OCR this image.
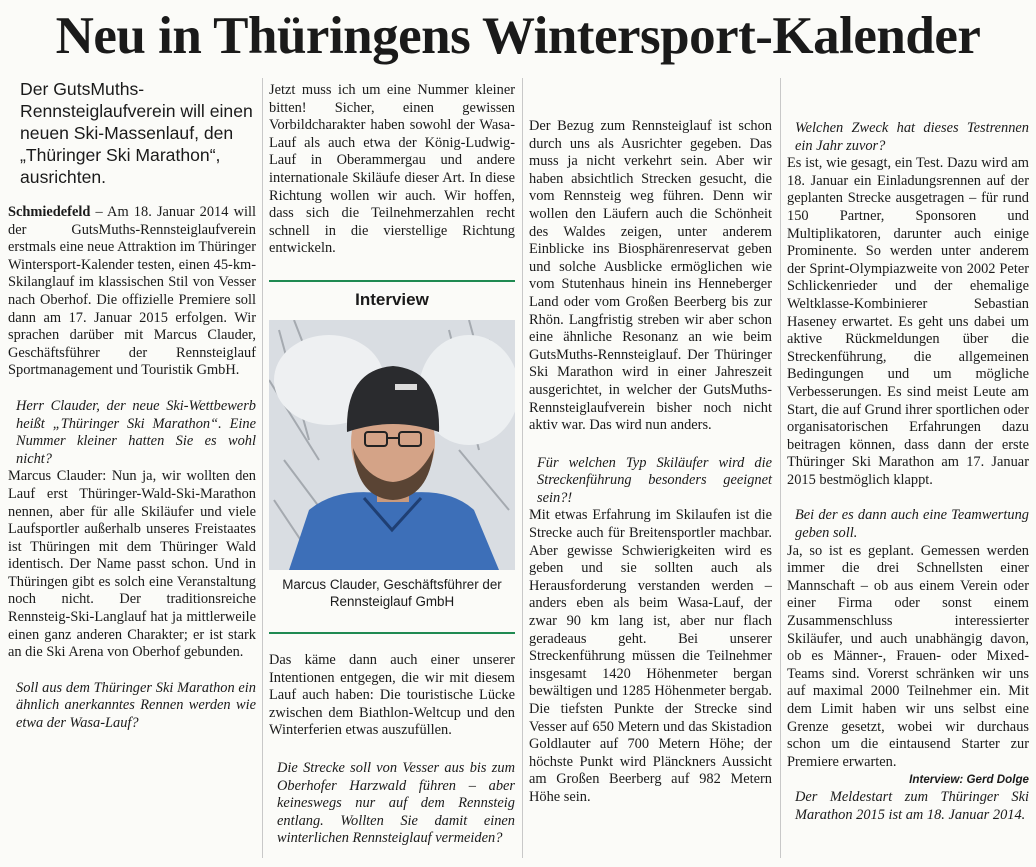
Neu in Thüringens Wintersport-Kalender

Der GutsMuths-Rennsteiglaufverein will einen neuen Ski-Massenlauf, den „Thüringer Ski Marathon“, ausrichten.

Schmiedefeld – Am 18. Januar 2014 will der GutsMuths-Rennsteiglaufverein erstmals eine neue Attraktion im Thüringer Wintersport-Kalender testen, einen 45-km-Skilanglauf im klassischen Stil von Vesser nach Oberhof. Die offizielle Premiere soll dann am 17. Januar 2015 erfolgen. Wir sprachen darüber mit Marcus Clauder, Geschäftsführer der Rennsteiglauf Sportmanagement und Touristik GmbH.

Herr Clauder, der neue Ski-Wettbewerb heißt „Thüringer Ski Marathon“. Eine Nummer kleiner hatten Sie es wohl nicht?

Marcus Clauder: Nun ja, wir wollten den Lauf erst Thüringer-Wald-Ski-Marathon nennen, aber für alle Skiläufer und viele Laufsportler außerhalb unseres Freistaates ist Thüringen mit dem Thüringer Wald identisch. Der Name passt schon. Und in Thüringen gibt es solch eine Veranstaltung noch nicht. Der traditionsreiche Rennsteig-Ski-Langlauf hat ja mittlerweile einen ganz anderen Charakter; er ist stark an die Ski Arena von Oberhof gebunden.

Soll aus dem Thüringer Ski Marathon ein ähnlich anerkanntes Rennen werden wie etwa der Wasa-Lauf?

Jetzt muss ich um eine Nummer kleiner bitten! Sicher, einen gewissen Vorbildcharakter haben sowohl der Wasa-Lauf als auch etwa der König-Ludwig-Lauf in Oberammergau und andere internationale Skiläufe dieser Art. In diese Richtung wollen wir auch. Wir hoffen, dass sich die Teilnehmerzahlen recht schnell in die vierstellige Richtung entwickeln.

Interview
Marcus Clauder, Geschäftsführer der Rennsteiglauf GmbH

Das käme dann auch einer unserer Intentionen entgegen, die wir mit diesem Lauf auch haben: Die touristische Lücke zwischen dem Biathlon-Weltcup und den Winterferien etwas auszufüllen.

Die Strecke soll von Vesser aus bis zum Oberhofer Harzwald führen – aber keineswegs nur auf dem Rennsteig entlang. Wollten Sie damit einen winterlichen Rennsteiglauf vermeiden?

Der Bezug zum Rennsteiglauf ist schon durch uns als Ausrichter gegeben. Das muss ja nicht verkehrt sein. Aber wir haben absichtlich Strecken gesucht, die vom Rennsteig weg führen. Denn wir wollen den Läufern auch die Schönheit des Waldes zeigen, unter anderem Einblicke ins Biosphärenreservat geben und solche Ausblicke ermöglichen wie vom Stutenhaus hinein ins Henneberger Land oder vom Großen Beerberg bis zur Rhön. Langfristig streben wir aber schon eine ähnliche Resonanz an wie beim GutsMuths-Rennsteiglauf. Der Thüringer Ski Marathon wird in einer Jahreszeit ausgerichtet, in welcher der GutsMuths-Rennsteiglaufverein bisher noch nicht aktiv war. Das wird nun anders.

Für welchen Typ Skiläufer wird die Streckenführung besonders geeignet sein?!

Mit etwas Erfahrung im Skilaufen ist die Strecke auch für Breitensportler machbar. Aber gewisse Schwierigkeiten wird es geben und sie sollten auch als Herausforderung verstanden werden – anders eben als beim Wasa-Lauf, der zwar 90 km lang ist, aber nur flach geradeaus geht. Bei unserer Streckenführung müssen die Teilnehmer insgesamt 1420 Höhenmeter bergan bewältigen und 1285 Höhenmeter bergab. Die tiefsten Punkte der Strecke sind Vesser auf 650 Metern und das Skistadion Goldlauter auf 700 Metern Höhe; der höchste Punkt wird Plänckners Aussicht am Großen Beerberg auf 982 Metern Höhe sein.

Welchen Zweck hat dieses Testrennen ein Jahr zuvor?

Es ist, wie gesagt, ein Test. Dazu wird am 18. Januar ein Einladungsrennen auf der geplanten Strecke ausgetragen – für rund 150 Partner, Sponsoren und Multiplikatoren, darunter auch einige Prominente. So werden unter anderem der Sprint-Olympiazweite von 2002 Peter Schlickenrieder und der ehemalige Weltklasse-Kombinierer Sebastian Haseney erwartet. Es geht uns dabei um aktive Rückmeldungen über die Streckenführung, die allgemeinen Bedingungen und um mögliche Verbesserungen. Es sind meist Leute am Start, die auf Grund ihrer sportlichen oder organisatorischen Erfahrungen dazu beitragen können, dass dann der erste Thüringer Ski Marathon am 17. Januar 2015 bestmöglich klappt.

Bei der es dann auch eine Teamwertung geben soll.

Ja, so ist es geplant. Gemessen werden immer die drei Schnellsten einer Mannschaft – ob aus einem Verein oder einer Firma oder sonst einem Zusammenschluss interessierter Skiläufer, und auch unabhängig davon, ob es Männer-, Frauen- oder Mixed-Teams sind. Vorerst schränken wir uns auf maximal 2000 Teilnehmer ein. Mit dem Limit haben wir uns selbst eine Grenze gesetzt, wobei wir durchaus schon um die eintausend Starter zur Premiere erwarten.

Interview: Gerd Dolge

Der Meldestart zum Thüringer Ski Marathon 2015 ist am 18. Januar 2014.
